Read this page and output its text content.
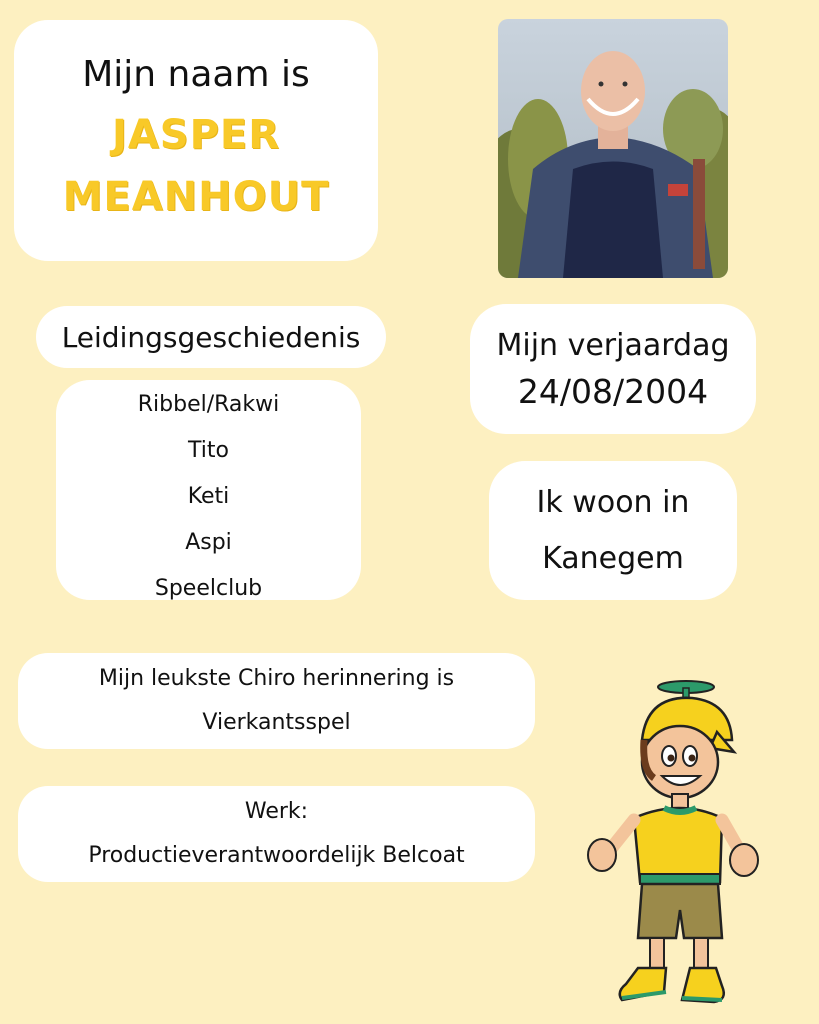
Mijn naam is
JASPER
MEANHOUT
Leidingsgeschiedenis
Ribbel/Rakwi
Tito
Keti
Aspi
Speelclub
Mijn verjaardag
24/08/2004
Ik woon in
Kanegem
Mijn leukste Chiro herinnering is
Vierkantsspel
Werk:
Productieverantwoordelijk Belcoat
